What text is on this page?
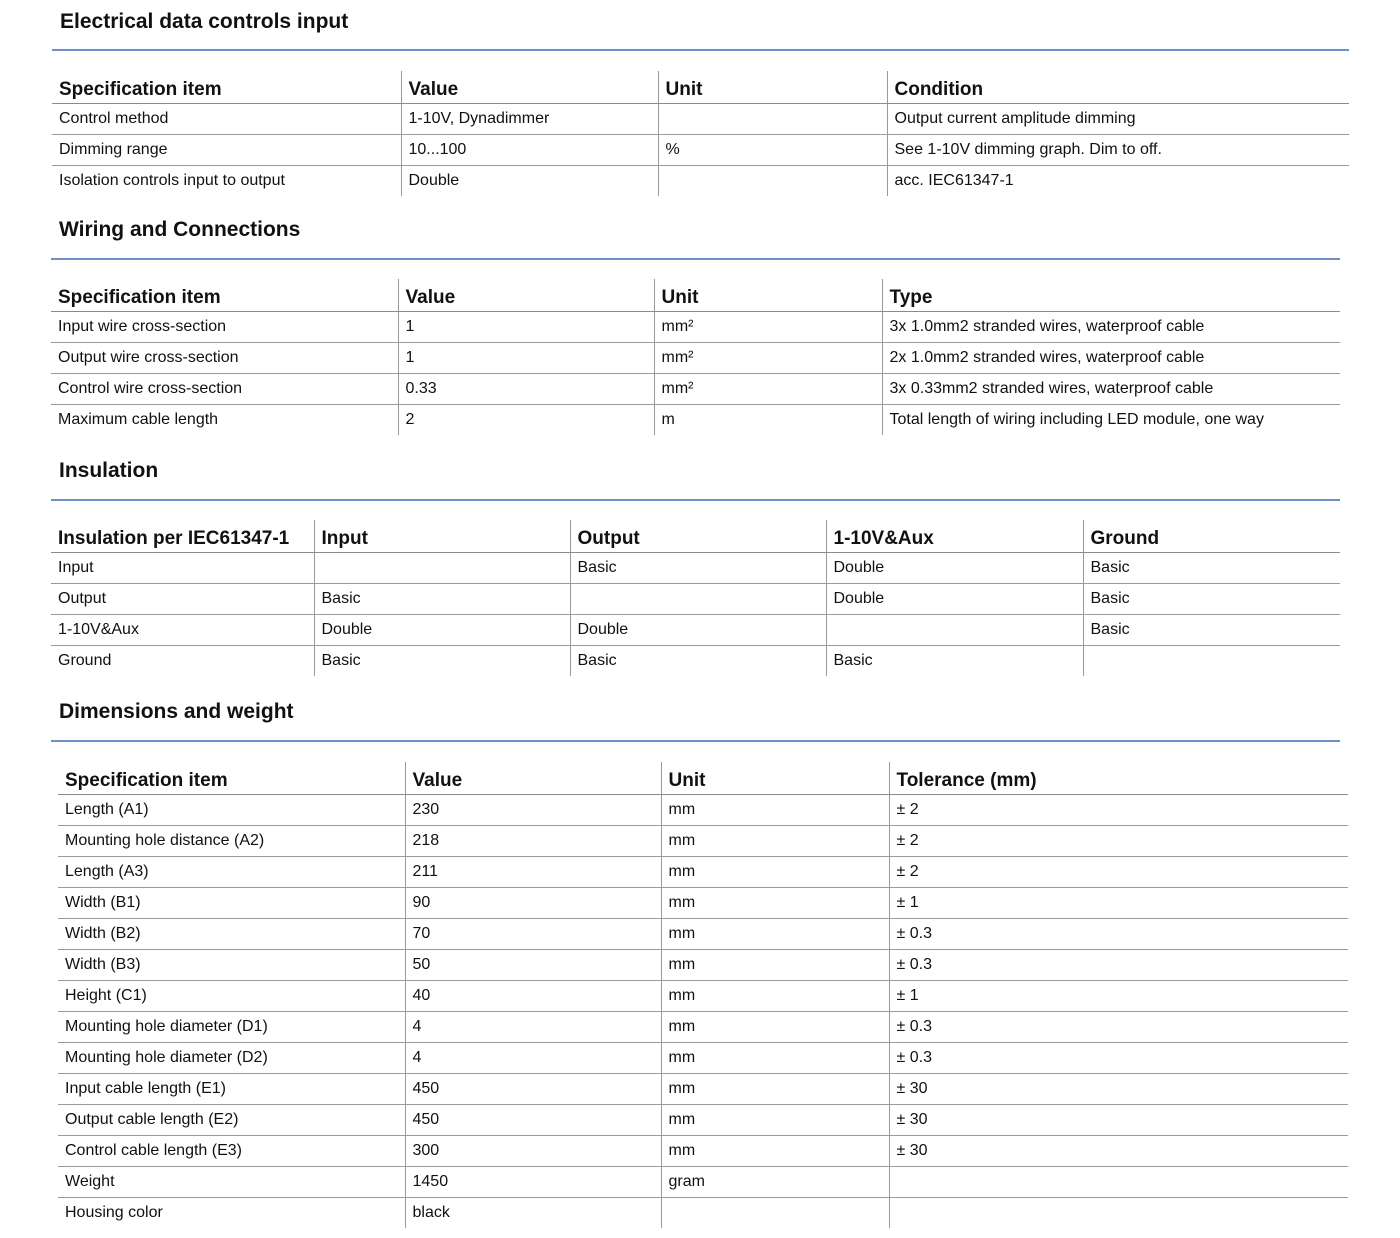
Electrical data controls input
Specification item	Value	Unit	Condition
Control method	1-10V, Dynadimmer		Output current amplitude dimming
Dimming range	10...100	%	See 1-10V dimming graph. Dim to off.
Isolation controls input to output	Double		acc. IEC61347-1
Wiring and Connections
Specification item	Value	Unit	Type
Input wire cross-section	1	mm²	3x 1.0mm2 stranded wires, waterproof cable
Output wire cross-section	1	mm²	2x 1.0mm2 stranded wires, waterproof cable
Control wire cross-section	0.33	mm²	3x 0.33mm2 stranded wires, waterproof cable
Maximum cable length	2	m	Total length of wiring including LED module, one way
Insulation
Insulation per IEC61347-1	Input	Output	1-10V&Aux	Ground
Input		Basic	Double	Basic
Output	Basic		Double	Basic
1-10V&Aux	Double	Double		Basic
Ground	Basic	Basic	Basic	
Dimensions and weight
Specification item	Value	Unit	Tolerance (mm)
Length (A1)	230	mm	± 2
Mounting hole distance (A2)	218	mm	± 2
Length (A3)	211	mm	± 2
Width (B1)	90	mm	± 1
Width (B2)	70	mm	± 0.3
Width (B3)	50	mm	± 0.3
Height (C1)	40	mm	± 1
Mounting hole diameter (D1)	4	mm	± 0.3
Mounting hole diameter (D2)	4	mm	± 0.3
Input cable length (E1)	450	mm	± 30
Output cable length (E2)	450	mm	± 30
Control cable length (E3)	300	mm	± 30
Weight	1450	gram	
Housing color	black		
